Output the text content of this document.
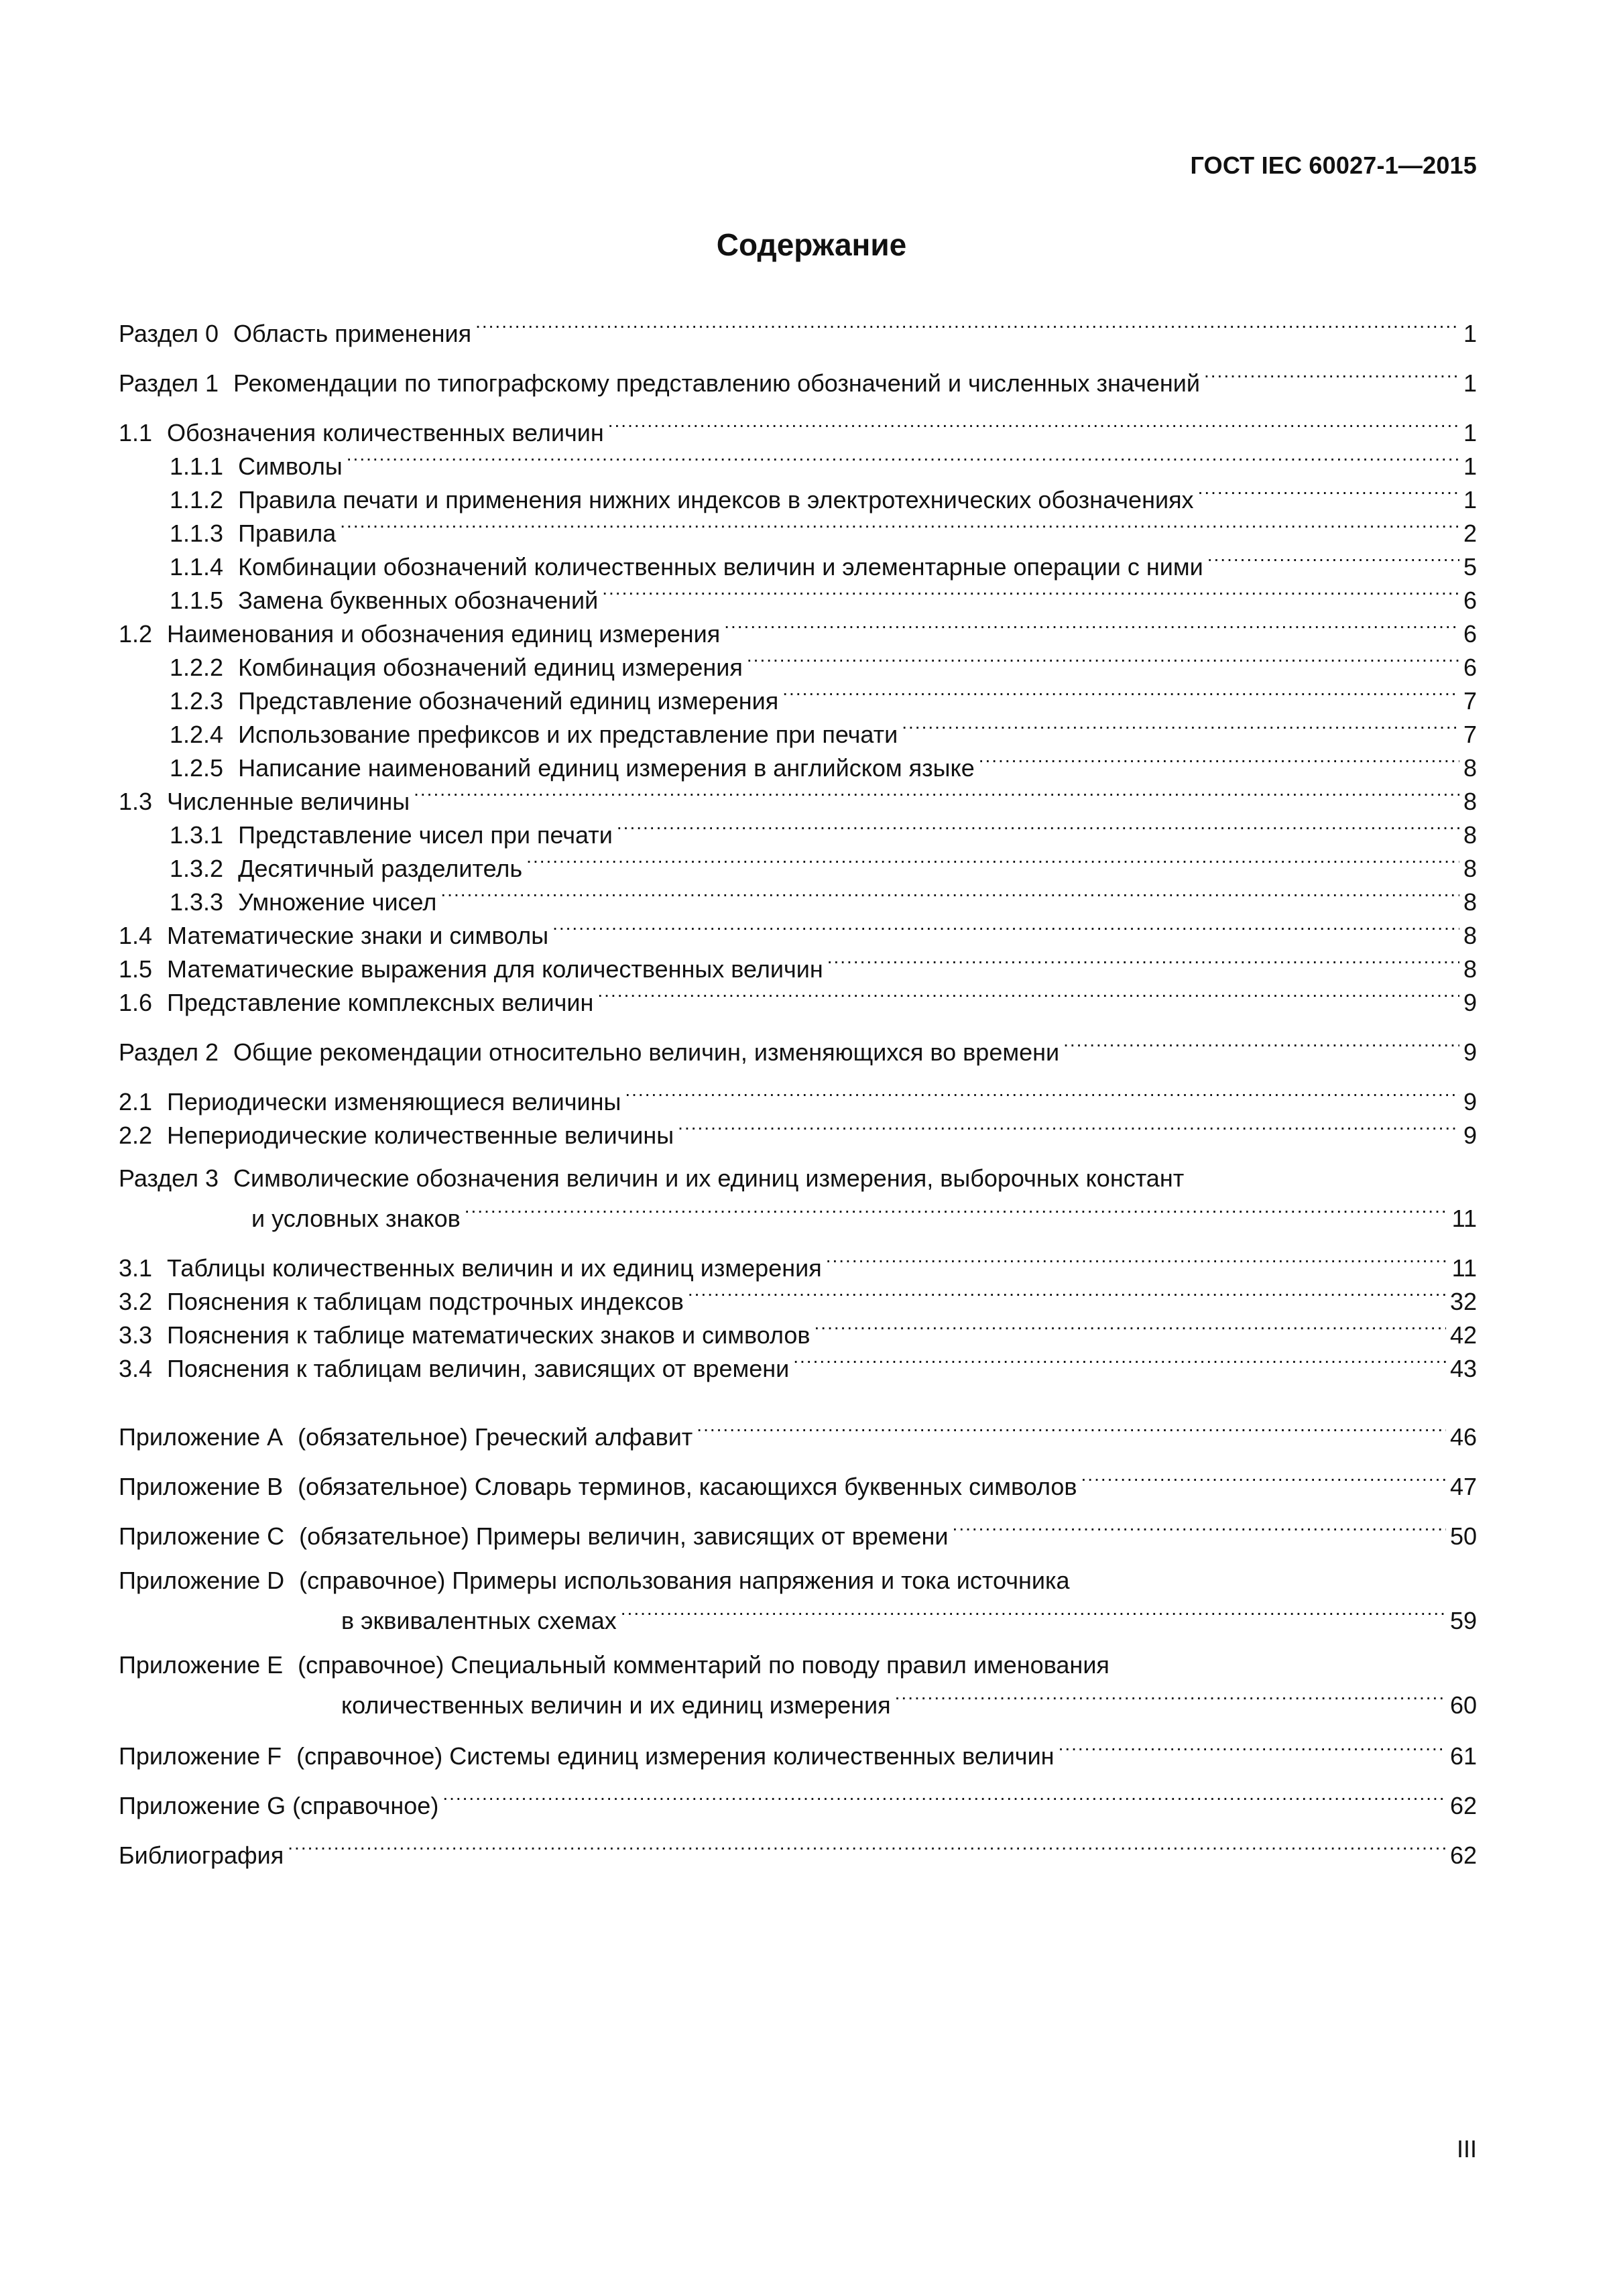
ГОСТ IEC 60027-1—2015
Содержание
Раздел 0 Область применения .....	1
Раздел 1 Рекомендации по типографскому представлению обозначений и численных значений .....	1
1.1 Обозначения количественных величин .....	1
1.1.1 Символы .....	1
1.1.2 Правила печати и применения нижних индексов в электротехнических обозначениях .....	1
1.1.3 Правила .....	2
1.1.4 Комбинации обозначений количественных величин и элементарные операции с ними .....	5
1.1.5 Замена буквенных обозначений .....	6
1.2 Наименования и обозначения единиц измерения .....	6
1.2.2 Комбинация обозначений единиц измерения .....	6
1.2.3 Представление обозначений единиц измерения .....	7
1.2.4 Использование префиксов и их представление при печати .....	7
1.2.5 Написание наименований единиц измерения в английском языке .....	8
1.3 Численные величины .....	8
1.3.1 Представление чисел при печати .....	8
1.3.2 Десятичный разделитель .....	8
1.3.3 Умножение чисел .....	8
1.4 Математические знаки и символы .....	8
1.5 Математические выражения для количественных величин .....	8
1.6 Представление комплексных величин .....	9
Раздел 2 Общие рекомендации относительно величин, изменяющихся во времени .....	9
2.1 Периодически изменяющиеся величины .....	9
2.2 Непериодические количественные величины .....	9
Раздел 3 Символические обозначения величин и их единиц измерения, выборочных констант
и условных знаков .....	11
3.1 Таблицы количественных величин и их единиц измерения .....	11
3.2 Пояснения к таблицам подстрочных индексов .....	32
3.3 Пояснения к таблице математических знаков и символов .....	42
3.4 Пояснения к таблицам величин, зависящих от времени .....	43
Приложение A (обязательное) Греческий алфавит .....	46
Приложение B (обязательное) Словарь терминов, касающихся буквенных символов .....	47
Приложение C (обязательное) Примеры величин, зависящих от времени .....	50
Приложение D (справочное) Примеры использования напряжения и тока источника
в эквивалентных схемах .....	59
Приложение E (справочное) Специальный комментарий по поводу правил именования
количественных величин и их единиц измерения .....	60
Приложение F (справочное) Системы единиц измерения количественных величин .....	61
Приложение G (справочное) .....	62
Библиография .....	62
III
